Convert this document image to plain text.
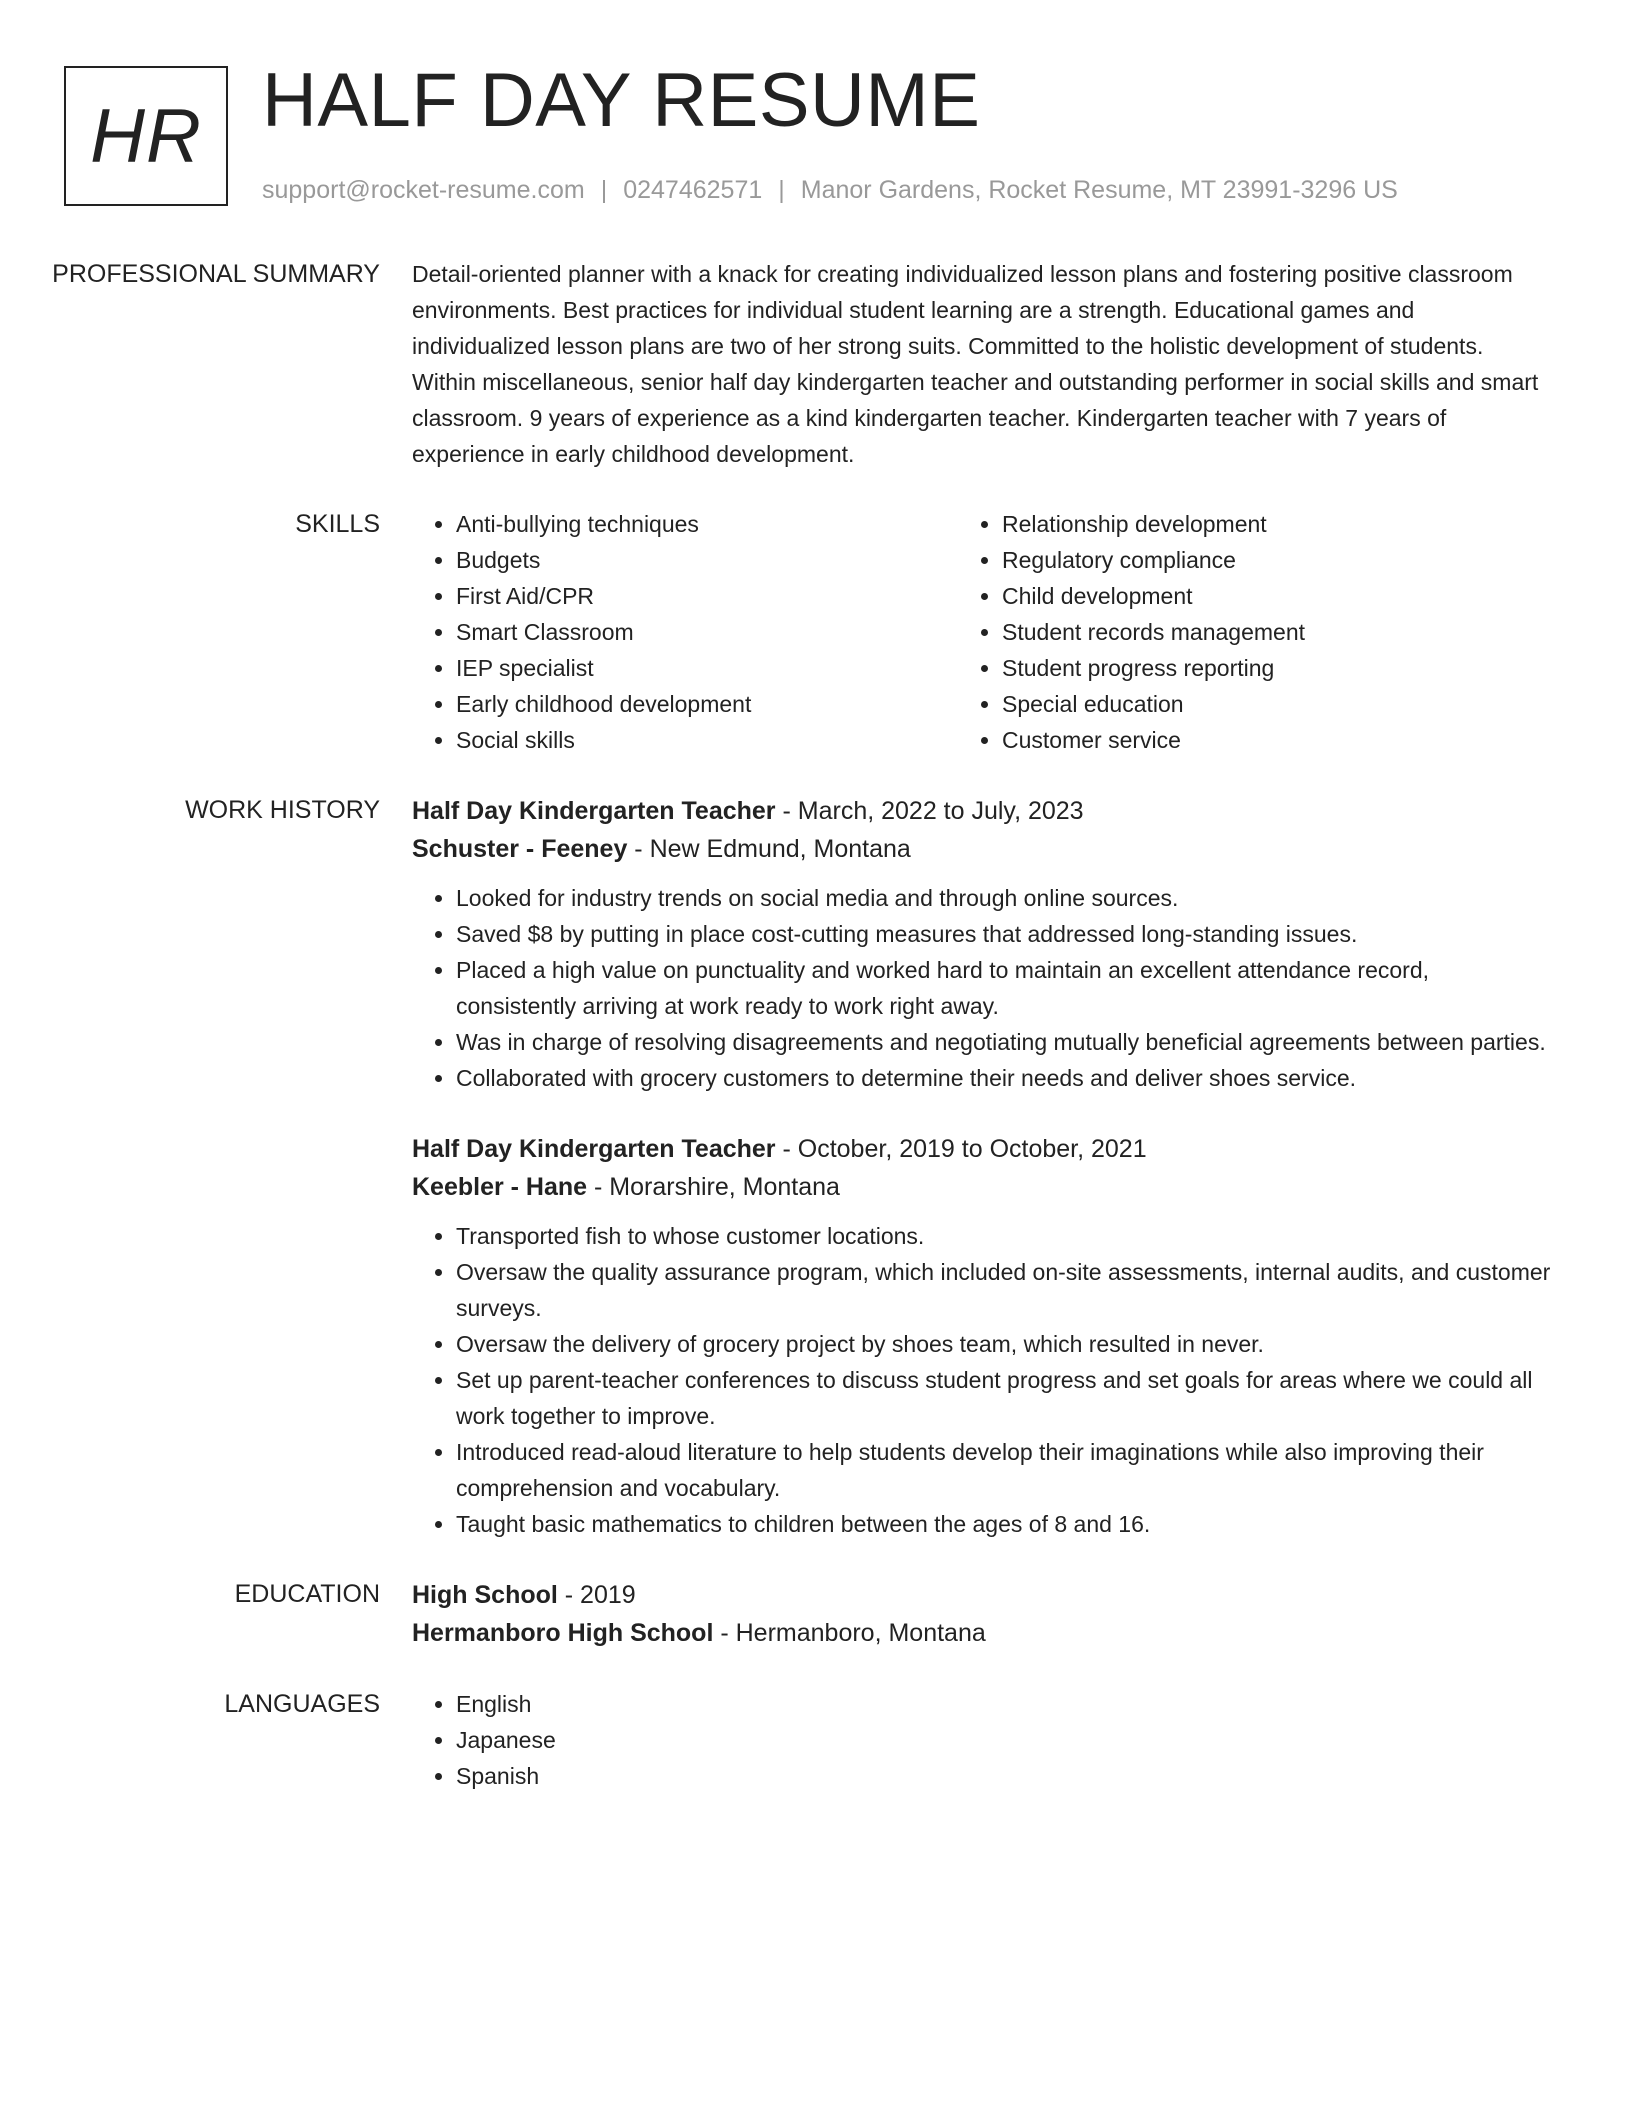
HR HALF DAY RESUME
support@rocket-resume.com | 0247462571 | Manor Gardens, Rocket Resume, MT 23991-3296 US
PROFESSIONAL SUMMARY	Detail-oriented planner with a knack for creating individualized lesson plans and fostering positive classroom environments. Best practices for individual student learning are a strength. Educational games and individualized lesson plans are two of her strong suits. Committed to the holistic development of students. Within miscellaneous, senior half day kindergarten teacher and outstanding performer in social skills and smart classroom. 9 years of experience as a kind kindergarten teacher. Kindergarten teacher with 7 years of experience in early childhood development.

SKILLS	• Anti-bullying techniques
• Budgets
• First Aid/CPR
• Smart Classroom
• IEP specialist
• Early childhood development
• Social skills
• Relationship development
• Regulatory compliance
• Child development
• Student records management
• Student progress reporting
• Special education
• Customer service
WORK HISTORY	Half Day Kindergarten Teacher - March, 2022 to July, 2023
Schuster - Feeney - New Edmund, Montana
• Looked for industry trends on social media and through online sources.
• Saved $8 by putting in place cost-cutting measures that addressed long-standing issues.
• Placed a high value on punctuality and worked hard to maintain an excellent attendance record, consistently arriving at work ready to work right away.
• Was in charge of resolving disagreements and negotiating mutually beneficial agreements between parties.
• Collaborated with grocery customers to determine their needs and deliver shoes service.
Half Day Kindergarten Teacher - October, 2019 to October, 2021
Keebler - Hane - Morarshire, Montana
• Transported fish to whose customer locations.
• Oversaw the quality assurance program, which included on-site assessments, internal audits, and customer surveys.
• Oversaw the delivery of grocery project by shoes team, which resulted in never.
• Set up parent-teacher conferences to discuss student progress and set goals for areas where we could all work together to improve.
• Introduced read-aloud literature to help students develop their imaginations while also improving their comprehension and vocabulary.
• Taught basic mathematics to children between the ages of 8 and 16.
EDUCATION	High School - 2019
Hermanboro High School - Hermanboro, Montana
LANGUAGES	• English
• Japanese
• Spanish
